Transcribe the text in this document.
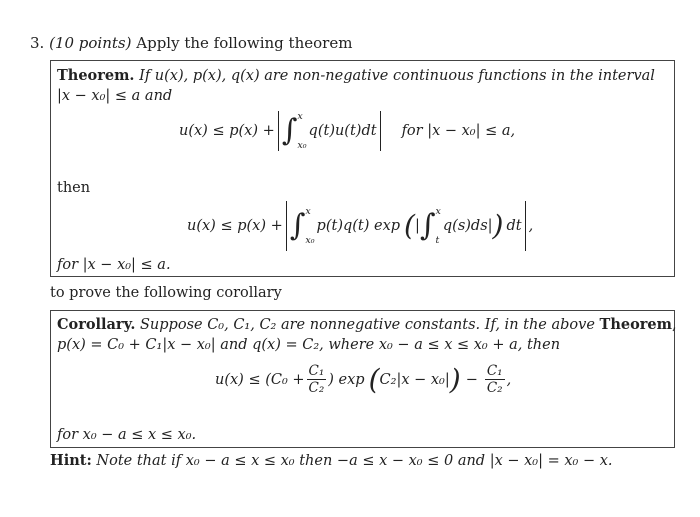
3. (10 points) Apply the following theorem
Theorem. If u(x), p(x), q(x) are non-negative continuous functions in the interval
|x − x₀| ≤ a and
u(x) ≤ p(x) + ∫ x
x₀
q(t)u(t)dt for |x − x₀| ≤ a,
then
u(x) ≤ p(x) + ∫ x
x₀
p(t)q(t) exp ( | ∫ x
t
q(s)ds | ) dt ,
for |x − x₀| ≤ a.
to prove the following corollary
Corollary. Suppose C₀, C₁, C₂ are nonnegative constants. If, in the above Theorem,
p(x) = C₀ + C₁|x − x₀| and q(x) = C₂, where x₀ − a ≤ x ≤ x₀ + a, then
$u(x) \le (C_0 + \frac{\text{C₁}}{\text{C₂}}$ ) exp ( C₂|x − x₀| ) − $\frac{\text{C₁}}{\text{C₂}}$ ,
for x₀ − a ≤ x ≤ x₀.
Hint: Note that if x₀ − a ≤ x ≤ x₀ then −a ≤ x − x₀ ≤ 0 and |x − x₀| = x₀ − x.
